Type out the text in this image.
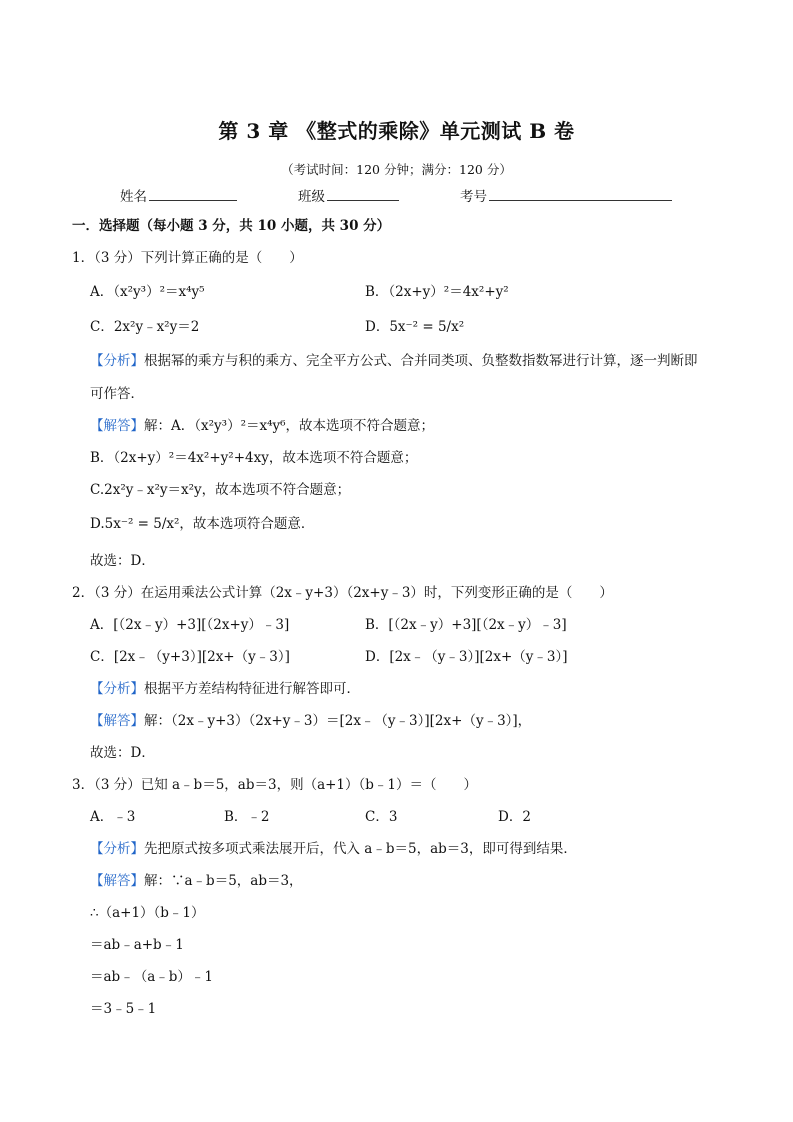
第 3 章 《整式的乘除》单元测试 B 卷
（考试时间：120 分钟；满分：120 分）
姓名	班级	考号
一．选择题（每小题 3 分，共 10 小题，共 30 分）
1．（3 分）下列计算正确的是（　　）
A．（x²y³）²＝x⁴y⁵	B．（2x+y）²＝4x²+y²
C．2x²y﹣x²y＝2	D．5x⁻² = 5/x²
【分析】根据幂的乘方与积的乘方、完全平方公式、合并同类项、负整数指数幂进行计算，逐一判断即
可作答．
【解答】解：A．（x²y³）²＝x⁴y⁶，故本选项不符合题意；
B．（2x+y）²＝4x²+y²+4xy，故本选项不符合题意；
C.2x²y﹣x²y＝x²y，故本选项不符合题意；
D.5x⁻² = 5/x²，故本选项符合题意．
故选：D．
2．（3 分）在运用乘法公式计算（2x﹣y+3）（2x+y﹣3）时，下列变形正确的是（　　）
A．[（2x﹣y）+3][（2x+y）﹣3]	B．[（2x﹣y）+3][（2x﹣y）﹣3]
C．[2x﹣（y+3）][2x+（y﹣3）]	D．[2x﹣（y﹣3）][2x+（y﹣3）]
【分析】根据平方差结构特征进行解答即可．
【解答】解：（2x﹣y+3）（2x+y﹣3）＝[2x﹣（y﹣3）][2x+（y﹣3）]，
故选：D．
3．（3 分）已知 a﹣b＝5，ab＝3，则（a+1）（b﹣1）＝（　　）
A．﹣3	B．﹣2	C．3	D．2
【分析】先把原式按多项式乘法展开后，代入 a﹣b＝5，ab＝3，即可得到结果．
【解答】解：∵a﹣b＝5，ab＝3，
∴（a+1）（b﹣1）
＝ab﹣a+b﹣1
＝ab﹣（a﹣b）﹣1
＝3﹣5﹣1
